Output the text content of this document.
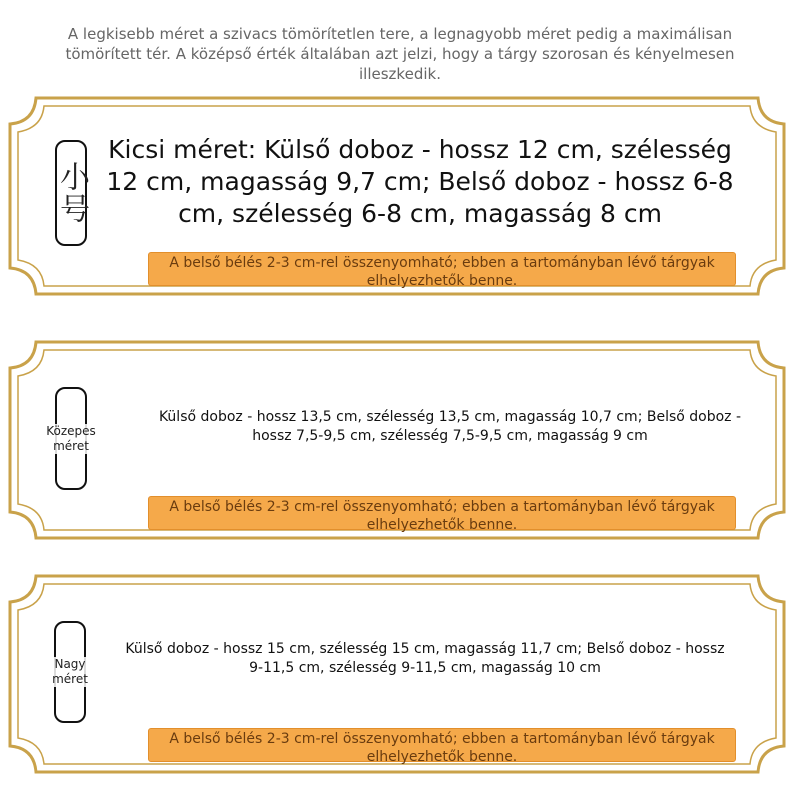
A legkisebb méret a szivacs tömörítetlen tere, a legnagyobb méret pedig a maximálisan tömörített tér. A középső érték általában azt jelzi, hogy a tárgy szorosan és kényelmesen illeszkedik.
小号
Kicsi méret: Külső doboz - hossz 12 cm, szélesség 12 cm, magasság 9,7 cm; Belső doboz - hossz 6-8 cm, szélesség 6-8 cm, magasság 8 cm
A belső bélés 2-3 cm-rel összenyomható; ebben a tartományban lévő tárgyak elhelyezhetők benne.
Közepes
méret
Külső doboz - hossz 13,5 cm, szélesség 13,5 cm, magasság 10,7 cm; Belső doboz - hossz 7,5-9,5 cm, szélesség 7,5-9,5 cm, magasság 9 cm
A belső bélés 2-3 cm-rel összenyomható; ebben a tartományban lévő tárgyak elhelyezhetők benne.
Nagy
méret
Külső doboz - hossz 15 cm, szélesség 15 cm, magasság 11,7 cm; Belső doboz - hossz 9-11,5 cm, szélesség 9-11,5 cm, magasság 10 cm
A belső bélés 2-3 cm-rel összenyomható; ebben a tartományban lévő tárgyak elhelyezhetők benne.
